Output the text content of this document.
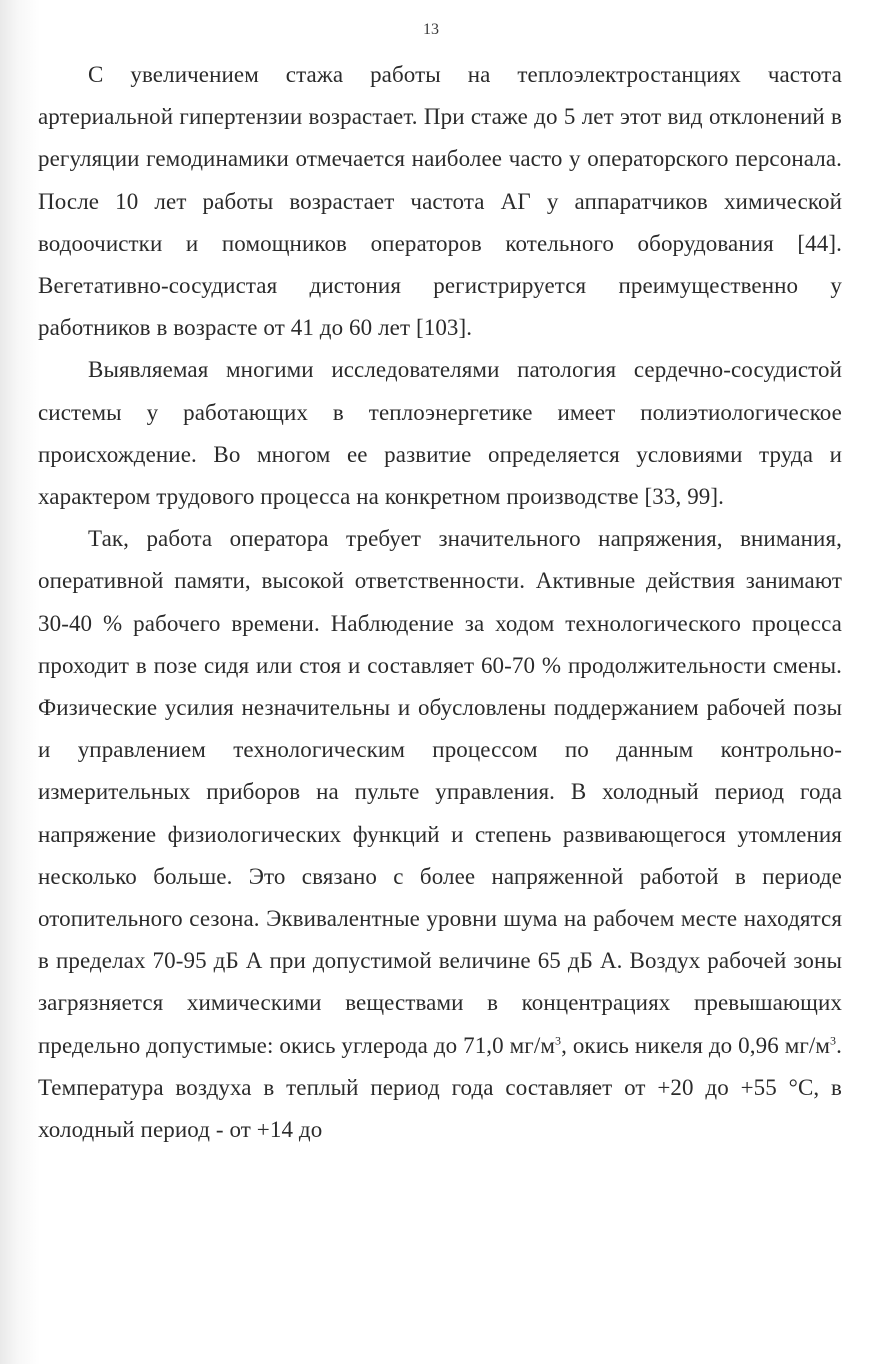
13

С увеличением стажа работы на теплоэлектростанциях частота артериальной гипертензии возрастает. При стаже до 5 лет этот вид отклонений в регуляции гемодинамики отмечается наиболее часто у операторского персонала. После 10 лет работы возрастает частота АГ у аппаратчиков химической водоочистки и помощников операторов котельного оборудования [44]. Вегетативно-сосудистая дистония регистрируется преимущественно у работников в возрасте от 41 до 60 лет [103].

Выявляемая многими исследователями патология сердечно-сосудистой системы у работающих в теплоэнергетике имеет полиэтиологическое происхождение. Во многом ее развитие определяется условиями труда и характером трудового процесса на конкретном производстве [33, 99].

Так, работа оператора требует значительного напряжения, внимания, оперативной памяти, высокой ответственности. Активные действия занимают 30-40 % рабочего времени. Наблюдение за ходом технологического процесса проходит в позе сидя или стоя и составляет 60-70 % продолжительности смены. Физические усилия незначительны и обусловлены поддержанием рабочей позы и управлением технологическим процессом по данным контрольно-измерительных приборов на пульте управления. В холодный период года напряжение физиологических функций и степень развивающегося утомления несколько больше. Это связано с более напряженной работой в периоде отопительного сезона. Эквивалентные уровни шума на рабочем месте находятся в пределах 70-95 дБ А при допустимой величине 65 дБ А. Воздух рабочей зоны загрязняется химическими веществами в концентрациях превышающих предельно допустимые: окись углерода до 71,0 $мг/м^3$, окись никеля до 0,96 $мг/м^3$. Температура воздуха в теплый период года составляет от +20 до +55 °С, в холодный период - от +14 до
